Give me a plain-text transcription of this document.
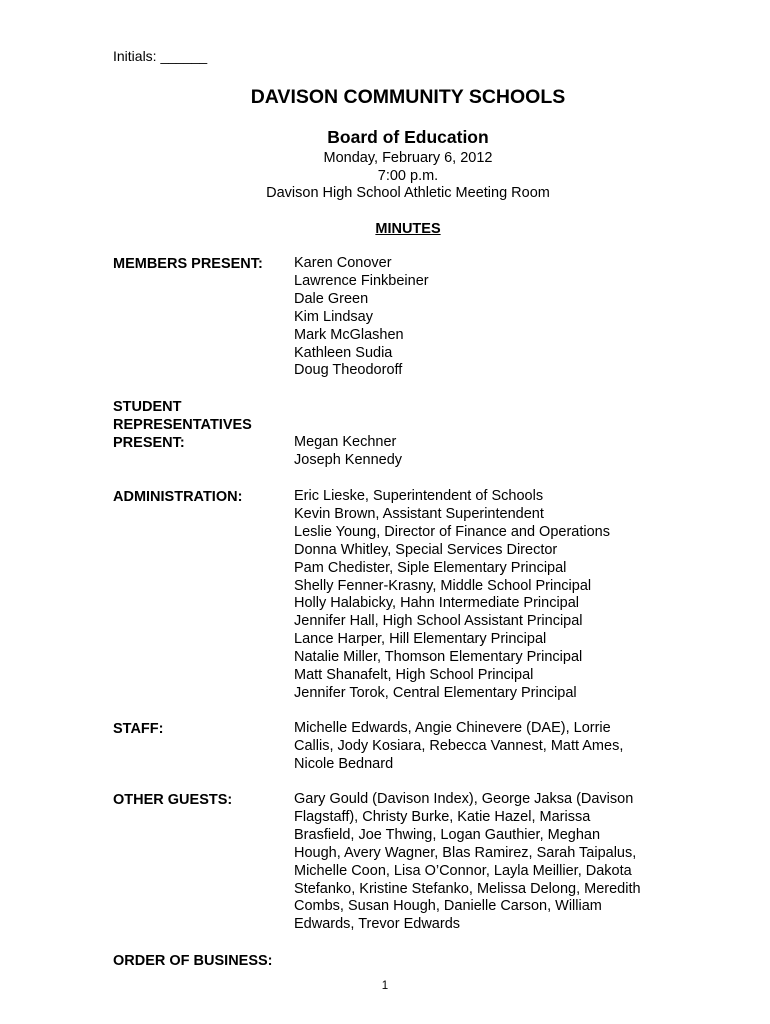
Initials: ______
DAVISON COMMUNITY SCHOOLS
Board of Education
Monday, February 6, 2012
7:00 p.m.
Davison High School Athletic Meeting Room
MINUTES
MEMBERS PRESENT: Karen Conover
Lawrence Finkbeiner
Dale Green
Kim Lindsay
Mark McGlashen
Kathleen Sudia
Doug Theodoroff
STUDENT
REPRESENTATIVES
PRESENT:	Megan Kechner
Joseph Kennedy
ADMINISTRATION:	Eric Lieske, Superintendent of Schools
Kevin Brown, Assistant Superintendent
Leslie Young, Director of Finance and Operations
Donna Whitley, Special Services Director
Pam Chedister, Siple Elementary Principal
Shelly Fenner-Krasny, Middle School Principal
Holly Halabicky, Hahn Intermediate Principal
Jennifer Hall, High School Assistant Principal
Lance Harper, Hill Elementary Principal
Natalie Miller, Thomson Elementary Principal
Matt Shanafelt, High School Principal
Jennifer Torok, Central Elementary Principal
STAFF:	Michelle Edwards, Angie Chinevere (DAE), Lorrie
Callis, Jody Kosiara, Rebecca Vannest, Matt Ames,
Nicole Bednard
OTHER GUESTS:	Gary Gould (Davison Index), George Jaksa (Davison
Flagstaff), Christy Burke, Katie Hazel, Marissa
Brasfield, Joe Thwing, Logan Gauthier, Meghan
Hough, Avery Wagner, Blas Ramirez, Sarah Taipalus,
Michelle Coon, Lisa O’Connor, Layla Meillier, Dakota
Stefanko, Kristine Stefanko, Melissa Delong, Meredith
Combs, Susan Hough, Danielle Carson, William
Edwards, Trevor Edwards
ORDER OF BUSINESS:
1
